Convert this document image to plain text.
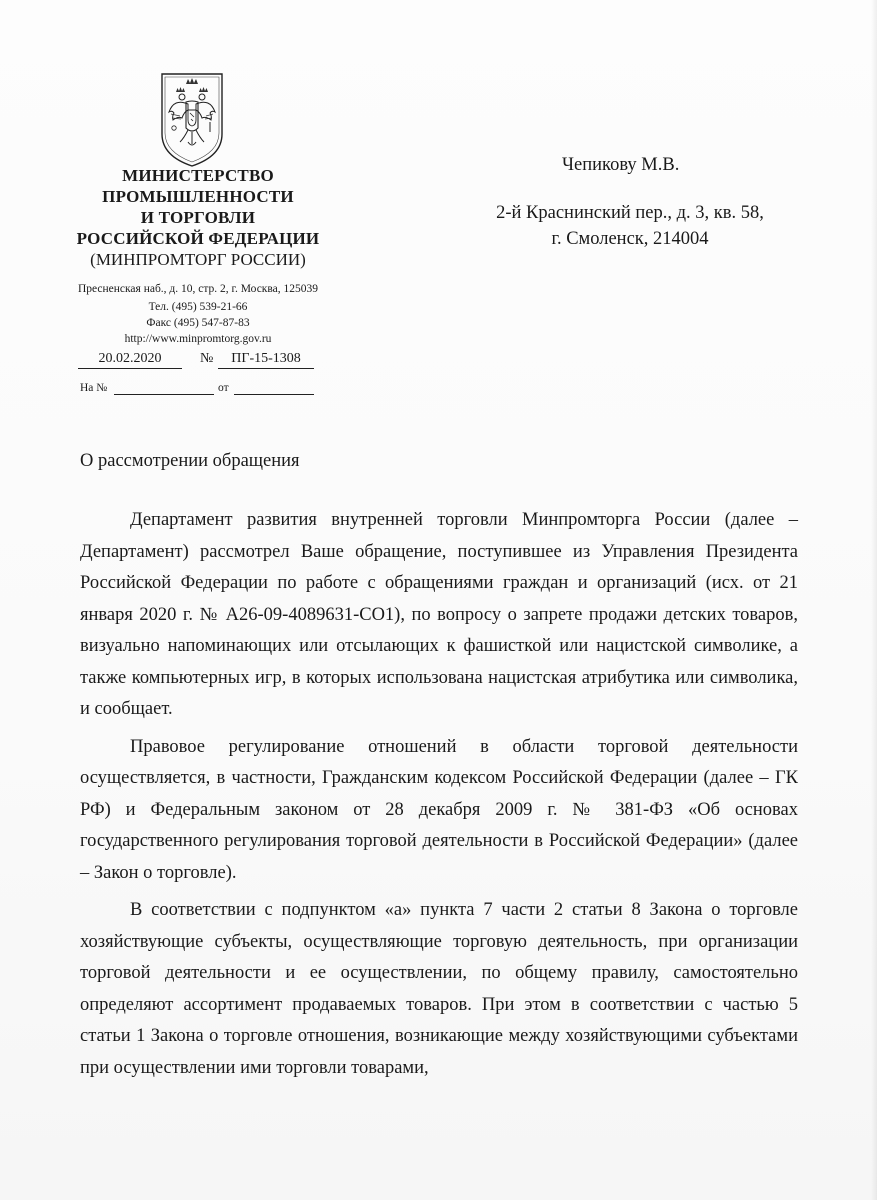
МИНИСТЕРСТВО
ПРОМЫШЛЕННОСТИ
И ТОРГОВЛИ
РОССИЙСКОЙ ФЕДЕРАЦИИ
(МИНПРОМТОРГ РОССИИ)
Пресненская наб., д. 10, стр. 2, г. Москва, 125039
Тел. (495) 539-21-66
Факс (495) 547-87-83
http://www.minpromtorg.gov.ru
20.02.2020	№	ПГ-15-1308
На №	от
Чепикову М.В.
2-й Краснинский пер., д. 3, кв. 58,
г. Смоленск, 214004
О рассмотрении обращения

Департамент развития внутренней торговли Минпромторга России (далее – Департамент) рассмотрел Ваше обращение, поступившее из Управления Президента Российской Федерации по работе с обращениями граждан и организаций (исх. от 21 января 2020 г. № А26-09-4089631-СО1), по вопросу о запрете продажи детских товаров, визуально напоминающих или отсылающих к фашисткой или нацистской символике, а также компьютерных игр, в которых использована нацистская атрибутика или символика, и сообщает.

Правовое регулирование отношений в области торговой деятельности осуществляется, в частности, Гражданским кодексом Российской Федерации (далее – ГК РФ) и Федеральным законом от 28 декабря 2009 г. № 381-ФЗ «Об основах государственного регулирования торговой деятельности в Российской Федерации» (далее – Закон о торговле).

В соответствии с подпунктом «а» пункта 7 части 2 статьи 8 Закона о торговле хозяйствующие субъекты, осуществляющие торговую деятельность, при организации торговой деятельности и ее осуществлении, по общему правилу, самостоятельно определяют ассортимент продаваемых товаров. При этом в соответствии с частью 5 статьи 1 Закона о торговле отношения, возникающие между хозяйствующими субъектами при осуществлении ими торговли товарами,
